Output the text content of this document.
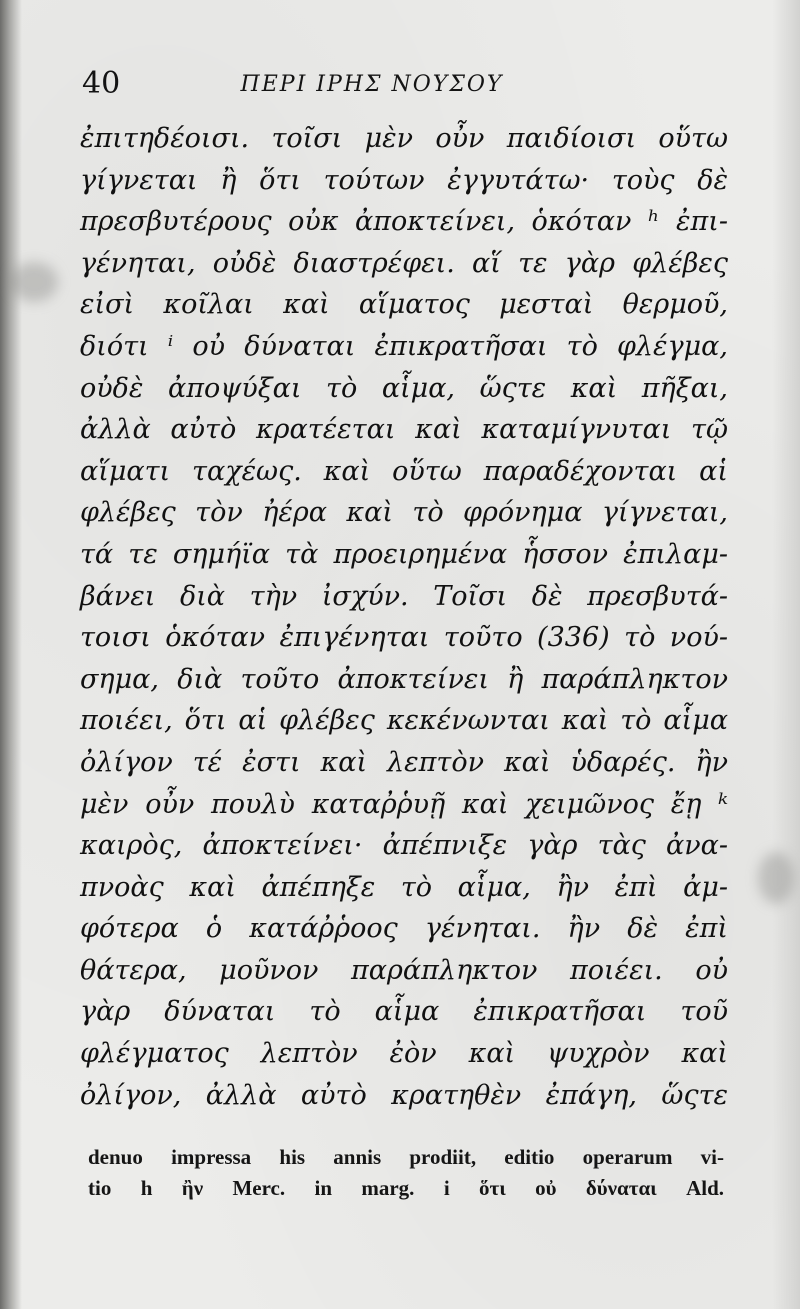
40	ΠΕΡΙ ΙΡΗΣ ΝΟΥΣΟΥ
ἐπιτηδέοισι. τοῖσι μὲν οὖν παιδίοισι οὕτω
γίγνεται ἢ ὅτι τούτων ἐγγυτάτω· τοὺς δὲ
πρεσβυτέρους οὐκ ἀποκτείνει, ὁκόταν ʰ ἐπι-
γένηται, οὐδὲ διαστρέφει. αἵ τε γὰρ φλέβες
εἰσὶ κοῖλαι καὶ αἵματος μεσταὶ θερμοῦ,
διότι ⁱ οὐ δύναται ἐπικρατῆσαι τὸ φλέγμα,
οὐδὲ ἀποψύξαι τὸ αἷμα, ὥςτε καὶ πῆξαι,
ἀλλὰ αὐτὸ κρατέεται καὶ καταμίγνυται τῷ
αἵματι ταχέως. καὶ οὕτω παραδέχονται αἱ
φλέβες τὸν ἠέρα καὶ τὸ φρόνημα γίγνεται,
τά τε σημήϊα τὰ προειρημένα ἧσσον ἐπιλαμ-
βάνει διὰ τὴν ἰσχύν. Τοῖσι δὲ πρεσβυτά-
τοισι ὁκόταν ἐπιγένηται τοῦτο (336) τὸ νού-
σημα, διὰ τοῦτο ἀποκτείνει ἢ παράπληκτον
ποιέει, ὅτι αἱ φλέβες κεκένωνται καὶ τὸ αἷμα
ὀλίγον τέ ἐστι καὶ λεπτὸν καὶ ὑδαρές. ἢν
μὲν οὖν πουλὺ καταῤῥυῇ καὶ χειμῶνος ἔῃ ᵏ
καιρὸς, ἀποκτείνει· ἀπέπνιξε γὰρ τὰς ἀνα-
πνοὰς καὶ ἀπέπηξε τὸ αἷμα, ἢν ἐπὶ ἀμ-
φότερα ὁ κατάῤῥοος γένηται. ἢν δὲ ἐπὶ
θάτερα, μοῦνον παράπληκτον ποιέει. οὐ
γὰρ δύναται τὸ αἷμα ἐπικρατῆσαι τοῦ
φλέγματος λεπτὸν ἐὸν καὶ ψυχρὸν καὶ
ὀλίγον, ἀλλὰ αὐτὸ κρατηθὲν ἐπάγη, ὥςτε
denuo impressa his annis prodiit, editio operarum vi-
tio h ἢν Merc. in marg. i ὅτι οὐ δύναται Ald.
